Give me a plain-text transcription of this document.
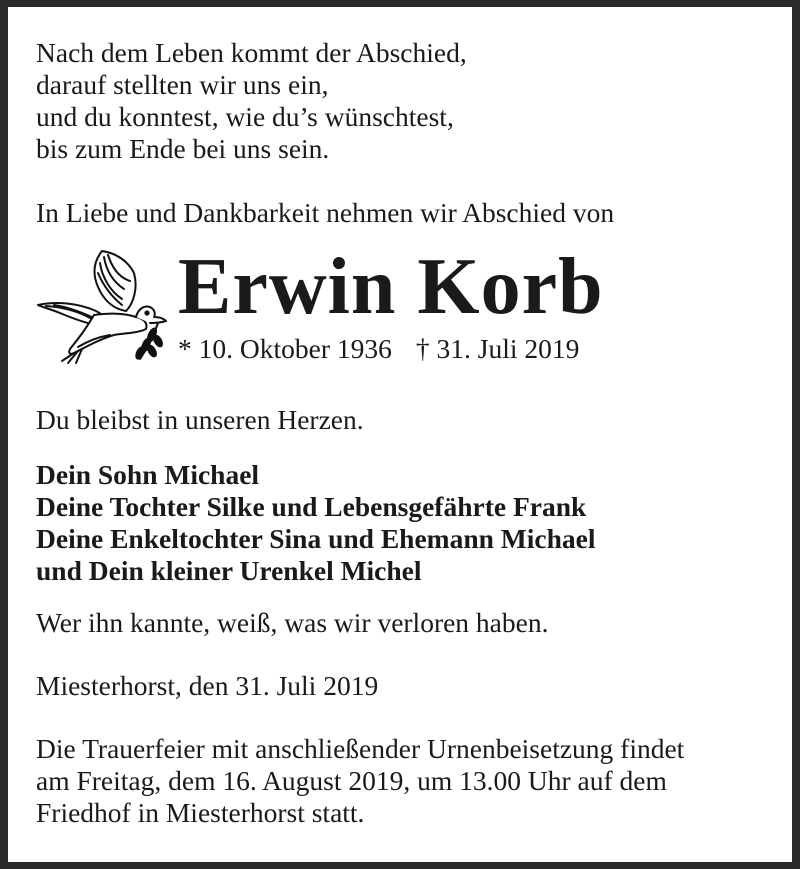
Nach dem Leben kommt der Abschied,
darauf stellten wir uns ein,
und du konntest, wie du’s wünschtest,
bis zum Ende bei uns sein.
In Liebe und Dankbarkeit nehmen wir Abschied von
Erwin Korb
* 10. Oktober 1936 † 31. Juli 2019
Du bleibst in unseren Herzen.
Dein Sohn Michael
Deine Tochter Silke und Lebensgefährte Frank
Deine Enkeltochter Sina und Ehemann Michael
und Dein kleiner Urenkel Michel
Wer ihn kannte, weiß, was wir verloren haben.
Miesterhorst, den 31. Juli 2019
Die Trauerfeier mit anschließender Urnenbeisetzung findet
am Freitag, dem 16. August 2019, um 13.00 Uhr auf dem
Friedhof in Miesterhorst statt.
